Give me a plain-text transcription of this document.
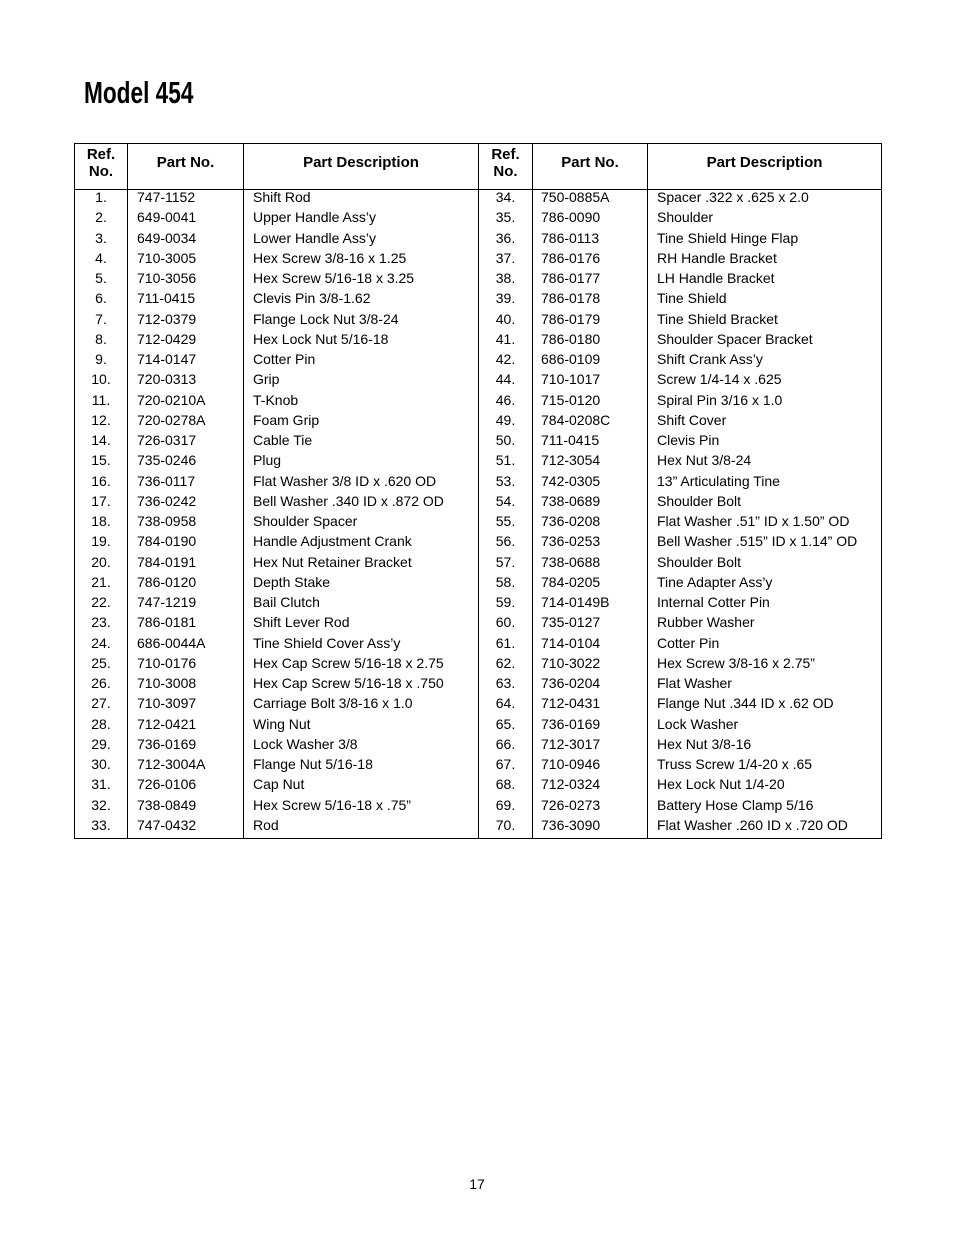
Model 454
Ref.
No.	Part No.	Part Description
1.	747-1152	Shift Rod
2.	649-0041	Upper Handle Ass’y
3.	649-0034	Lower Handle Ass’y
4.	710-3005	Hex Screw 3/8-16 x 1.25
5.	710-3056	Hex Screw 5/16-18 x 3.25
6.	711-0415	Clevis Pin 3/8-1.62
7.	712-0379	Flange Lock Nut 3/8-24
8.	712-0429	Hex Lock Nut 5/16-18
9.	714-0147	Cotter Pin
10.	720-0313	Grip
11.	720-0210A	T-Knob
12.	720-0278A	Foam Grip
14.	726-0317	Cable Tie
15.	735-0246	Plug
16.	736-0117	Flat Washer 3/8 ID x .620 OD
17.	736-0242	Bell Washer .340 ID x .872 OD
18.	738-0958	Shoulder Spacer
19.	784-0190	Handle Adjustment Crank
20.	784-0191	Hex Nut Retainer Bracket
21.	786-0120	Depth Stake
22.	747-1219	Bail Clutch
23.	786-0181	Shift Lever Rod
24.	686-0044A	Tine Shield Cover Ass’y
25.	710-0176	Hex Cap Screw 5/16-18 x 2.75
26.	710-3008	Hex Cap Screw 5/16-18 x .750
27.	710-3097	Carriage Bolt 3/8-16 x 1.0
28.	712-0421	Wing Nut
29.	736-0169	Lock Washer 3/8
30.	712-3004A	Flange Nut 5/16-18
31.	726-0106	Cap Nut
32.	738-0849	Hex Screw 5/16-18 x .75”
33.	747-0432	Rod
Ref.
No.	Part No.	Part Description
34.	750-0885A	Spacer .322 x .625 x 2.0
35.	786-0090	Shoulder
36.	786-0113	Tine Shield Hinge Flap
37.	786-0176	RH Handle Bracket
38.	786-0177	LH Handle Bracket
39.	786-0178	Tine Shield
40.	786-0179	Tine Shield Bracket
41.	786-0180	Shoulder Spacer Bracket
42.	686-0109	Shift Crank Ass’y
44.	710-1017	Screw 1/4-14 x .625
46.	715-0120	Spiral Pin 3/16 x 1.0
49.	784-0208C	Shift Cover
50.	711-0415	Clevis Pin
51.	712-3054	Hex Nut 3/8-24
53.	742-0305	13” Articulating Tine
54.	738-0689	Shoulder Bolt
55.	736-0208	Flat Washer .51” ID x 1.50” OD
56.	736-0253	Bell Washer .515” ID x 1.14” OD
57.	738-0688	Shoulder Bolt
58.	784-0205	Tine Adapter Ass’y
59.	714-0149B	Internal Cotter Pin
60.	735-0127	Rubber Washer
61.	714-0104	Cotter Pin
62.	710-3022	Hex Screw 3/8-16 x 2.75”
63.	736-0204	Flat Washer
64.	712-0431	Flange Nut .344 ID x .62 OD
65.	736-0169	Lock Washer
66.	712-3017	Hex Nut 3/8-16
67.	710-0946	Truss Screw 1/4-20 x .65
68.	712-0324	Hex Lock Nut 1/4-20
69.	726-0273	Battery Hose Clamp 5/16
70.	736-3090	Flat Washer .260 ID x .720 OD
17
